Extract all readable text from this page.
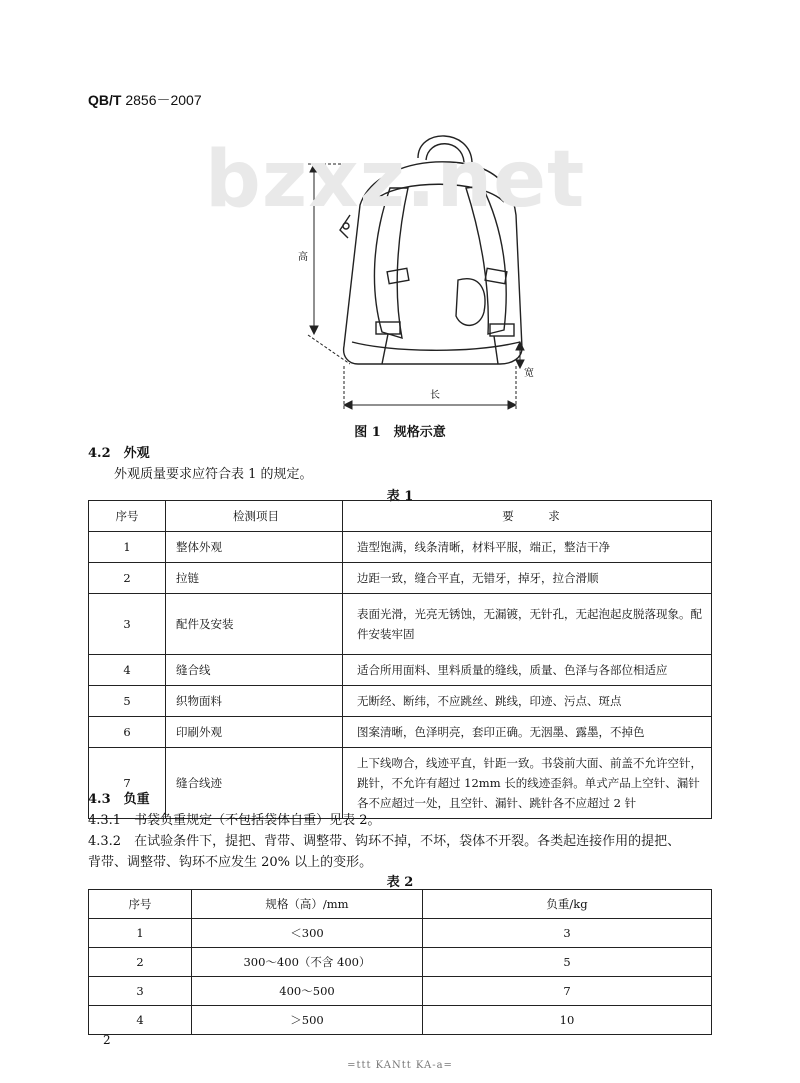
QB/T 2856－2007
高
长
宽
bzxz.net
图 1　规格示意
4.2　外观
外观质量要求应符合表 1 的规定。
表 1
序号	检测项目	要　　　求
1	整体外观	造型饱满，线条清晰，材料平服，端正，整洁干净
2	拉链	边距一致，缝合平直，无错牙，掉牙，拉合滑顺
3	配件及安装	表面光滑，光亮无锈蚀，无漏镀，无针孔，无起泡起皮脱落现象。配件安装牢固
4	缝合线	适合所用面料、里料质量的缝线，质量、色泽与各部位相适应
5	织物面料	无断经、断纬，不应跳丝、跳线，印迹、污点、斑点
6	印刷外观	图案清晰，色泽明亮，套印正确。无洇墨、露墨，不掉色
7	缝合线迹	上下线吻合，线迹平直，针距一致。书袋前大面、前盖不允许空针，跳针，不允许有超过 12mm 长的线迹歪斜。单式产品上空针、漏针各不应超过一处，且空针、漏针、跳针各不应超过 2 针
4.3　负重
4.3.1　书袋负重规定（不包括袋体自重）见表 2。
4.3.2　在试验条件下，提把、背带、调整带、钩环不掉，不坏，袋体不开裂。各类起连接作用的提把、
背带、调整带、钩环不应发生 20% 以上的变形。
表 2
序号	规格（高）/mm	负重/kg
1	＜300	3
2	300～400（不含 400）	5
3	400～500	7
4	＞500	10
2
=ttt KANtt KA-a=
